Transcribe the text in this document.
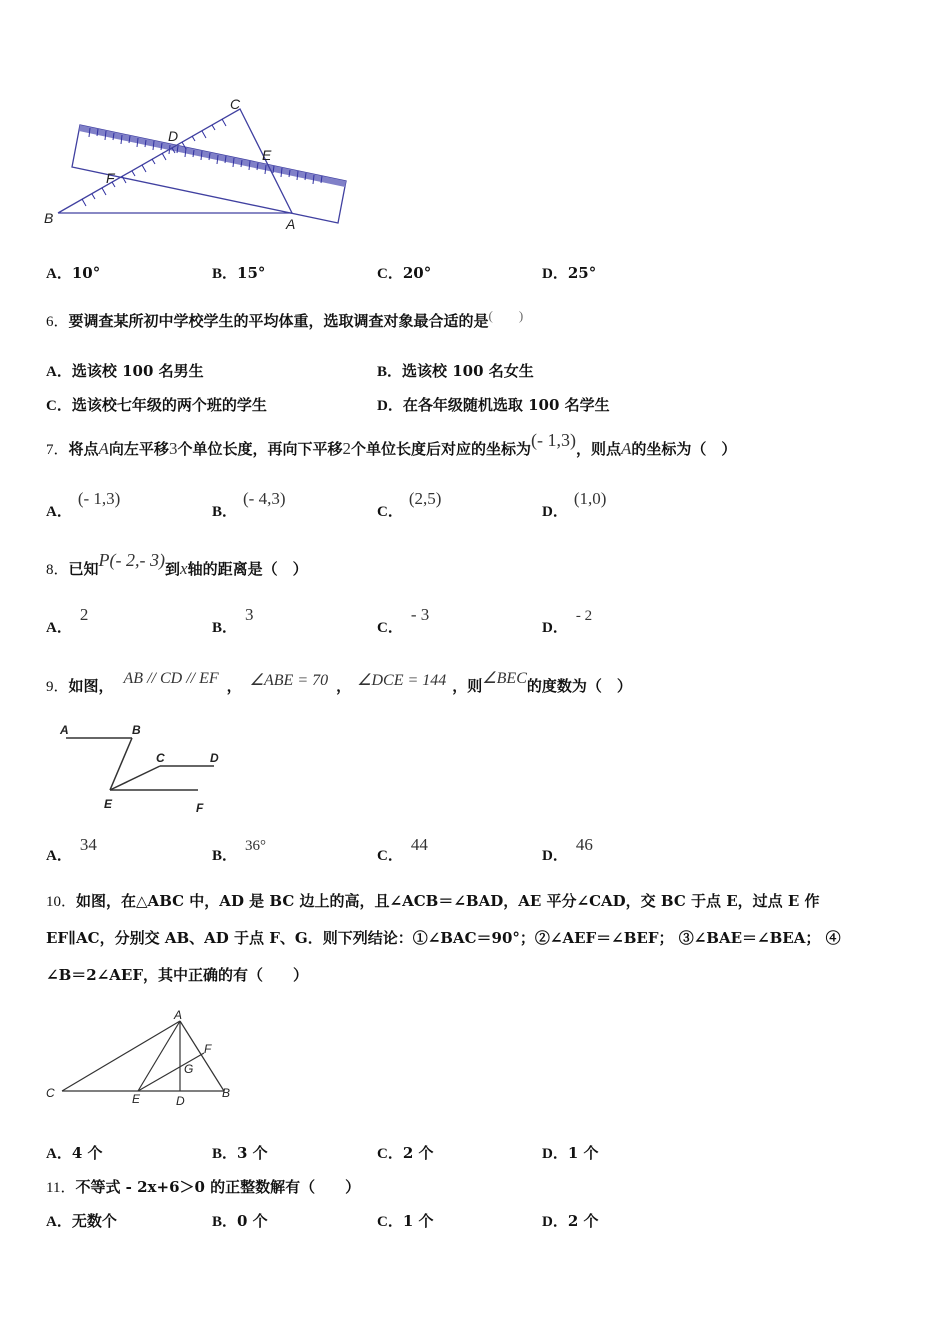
C
D
E
F
B	A
A．10°	B．15°	C．20°	D．25°
6．要调查某所初中学校学生的平均体重，选取调查对象最合适的是(　　)
A．选该校 100 名男生	B．选该校 100 名女生
C．选该校七年级的两个班的学生	D．在各年级随机选取 100 名学生
7．将点A向左平移3个单位长度，再向下平移2个单位长度后对应的坐标为(- 1,3)，则点A的坐标为（　）
A．(- 1,3)
B．(- 4,3)
C．(2,5)
D．(1,0)
8．已知P(- 2,- 3)到x轴的距离是（　）
A．2
B．3
C．- 3
D．- 2
9．如图， AB // CD // EF ， ∠ABE = 70 ， ∠DCE = 144 ，则∠BEC的度数为（　）
A	B
C	D
E	F
A．34
B．36°
C．44
D．46
10．如图，在△ABC 中，AD 是 BC 边上的高，且∠ACB＝∠BAD，AE 平分∠CAD，交 BC 于点 E，过点 E 作
EF∥AC，分别交 AB、AD 于点 F、G．则下列结论：①∠BAC＝90°；②∠AEF＝∠BEF； ③∠BAE＝∠BEA； ④
∠B＝2∠AEF，其中正确的有（　　）
A
F
G
C	E	D
B
A．4 个	B．3 个	C．2 个	D．1 个
11．不等式 - 2x+6＞0 的正整数解有（　　）
A．无数个	B．0 个	C．1 个	D．2 个
